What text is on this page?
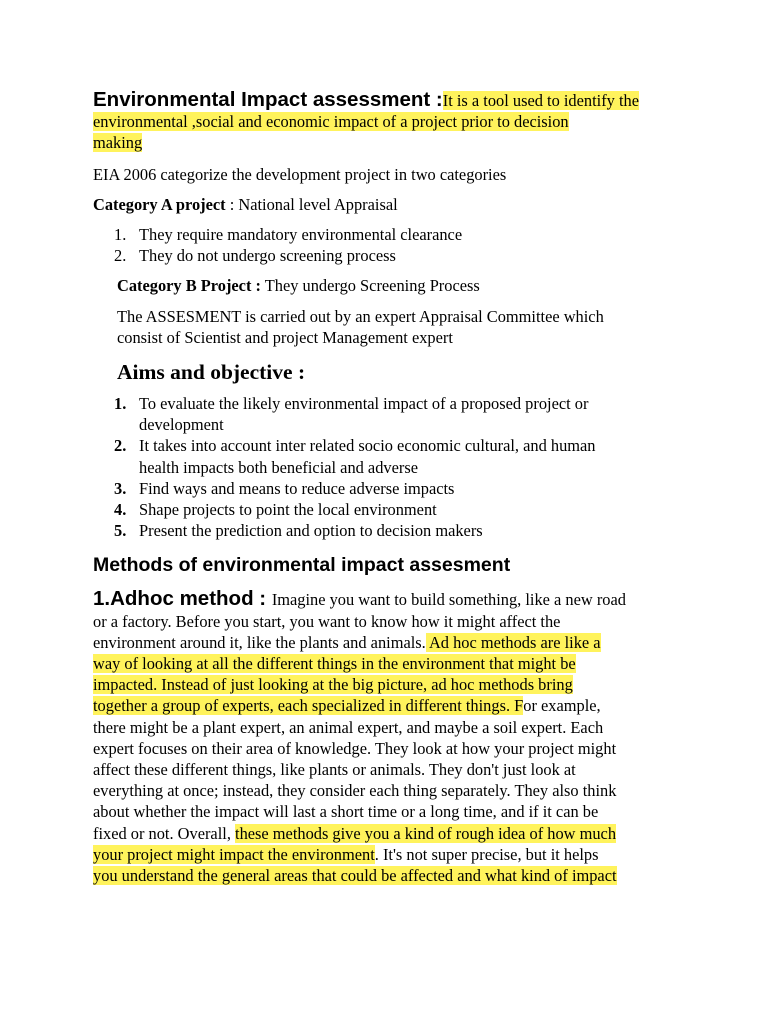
Environmental Impact assessment :It is a tool used to identify the
environmental ,social and economic impact of a project prior to decision
making
EIA 2006 categorize the development project in two categories
Category A project : National level Appraisal
1. They require mandatory environmental clearance
2. They do not undergo screening process
Category B Project : They undergo Screening Process
The ASSESMENT is carried out by an expert Appraisal Committee which
consist of Scientist and project Management expert
Aims and objective :
1. To evaluate the likely environmental impact of a proposed project or
development
2. It takes into account inter related socio economic cultural, and human
health impacts both beneficial and adverse
3. Find ways and means to reduce adverse impacts
4. Shape projects to point the local environment
5. Present the prediction and option to decision makers
Methods of environmental impact assesment
1.Adhoc method : Imagine you want to build something, like a new road
or a factory. Before you start, you want to know how it might affect the
environment around it, like the plants and animals. Ad hoc methods are like a
way of looking at all the different things in the environment that might be
impacted. Instead of just looking at the big picture, ad hoc methods bring
together a group of experts, each specialized in different things. For example,
there might be a plant expert, an animal expert, and maybe a soil expert. Each
expert focuses on their area of knowledge. They look at how your project might
affect these different things, like plants or animals. They don't just look at
everything at once; instead, they consider each thing separately. They also think
about whether the impact will last a short time or a long time, and if it can be
fixed or not. Overall, these methods give you a kind of rough idea of how much
your project might impact the environment. It's not super precise, but it helps
you understand the general areas that could be affected and what kind of impact
